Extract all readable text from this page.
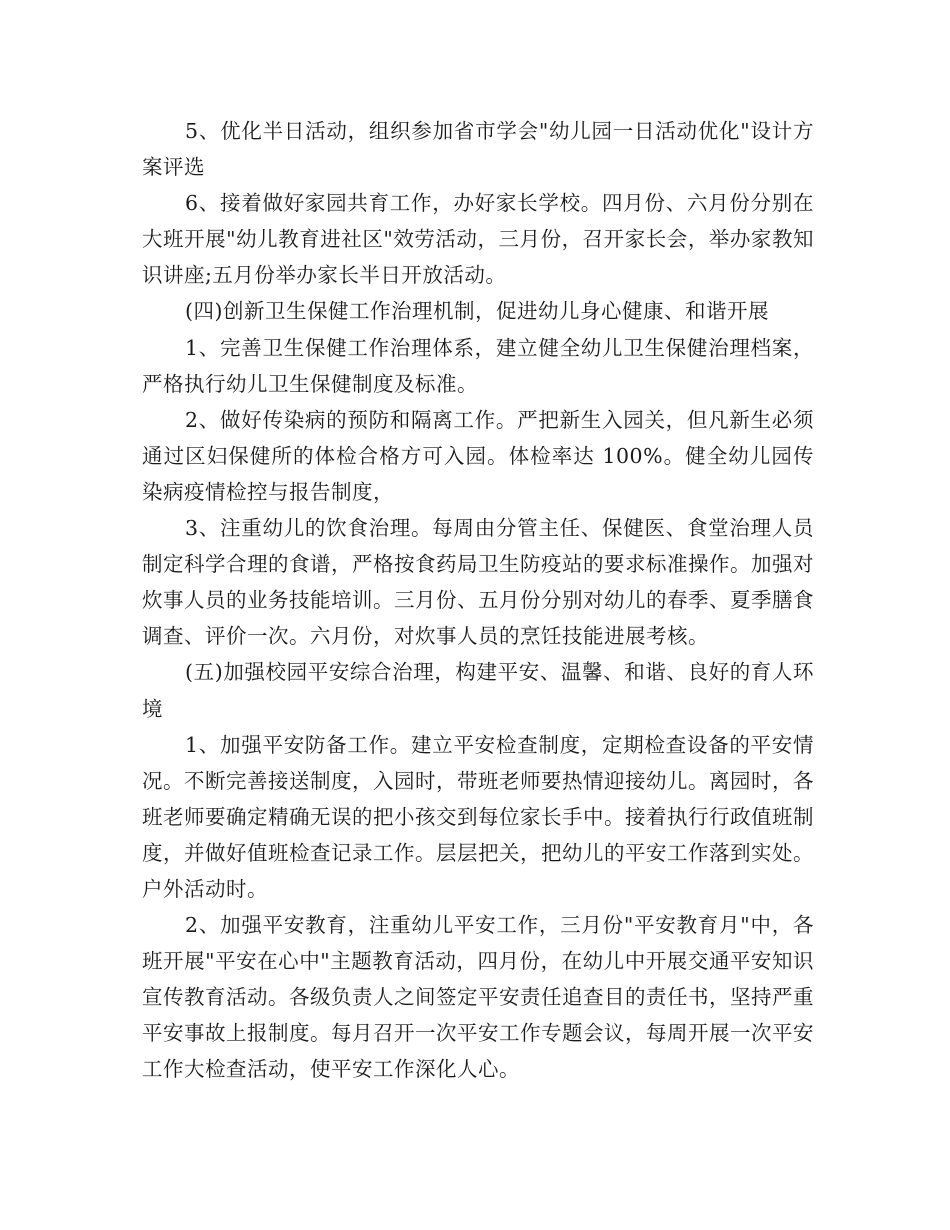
5、优化半日活动，组织参加省市学会"幼儿园一日活动优化"设计方案评选

6、接着做好家园共育工作，办好家长学校。四月份、六月份分别在大班开展"幼儿教育进社区"效劳活动，三月份，召开家长会，举办家教知识讲座;五月份举办家长半日开放活动。

(四)创新卫生保健工作治理机制，促进幼儿身心健康、和谐开展

1、完善卫生保健工作治理体系，建立健全幼儿卫生保健治理档案，严格执行幼儿卫生保健制度及标准。

2、做好传染病的预防和隔离工作。严把新生入园关，但凡新生必须通过区妇保健所的体检合格方可入园。体检率达 100%。健全幼儿园传染病疫情检控与报告制度，

3、注重幼儿的饮食治理。每周由分管主任、保健医、食堂治理人员制定科学合理的食谱，严格按食药局卫生防疫站的要求标准操作。加强对炊事人员的业务技能培训。三月份、五月份分别对幼儿的春季、夏季膳食调查、评价一次。六月份，对炊事人员的烹饪技能进展考核。

(五)加强校园平安综合治理，构建平安、温馨、和谐、良好的育人环境

1、加强平安防备工作。建立平安检查制度，定期检查设备的平安情况。不断完善接送制度，入园时，带班老师要热情迎接幼儿。离园时，各班老师要确定精确无误的把小孩交到每位家长手中。接着执行行政值班制度，并做好值班检查记录工作。层层把关，把幼儿的平安工作落到实处。户外活动时。

2、加强平安教育，注重幼儿平安工作，三月份"平安教育月"中，各班开展"平安在心中"主题教育活动，四月份，在幼儿中开展交通平安知识宣传教育活动。各级负责人之间签定平安责任追查目的责任书，坚持严重平安事故上报制度。每月召开一次平安工作专题会议，每周开展一次平安工作大检查活动，使平安工作深化人心。
